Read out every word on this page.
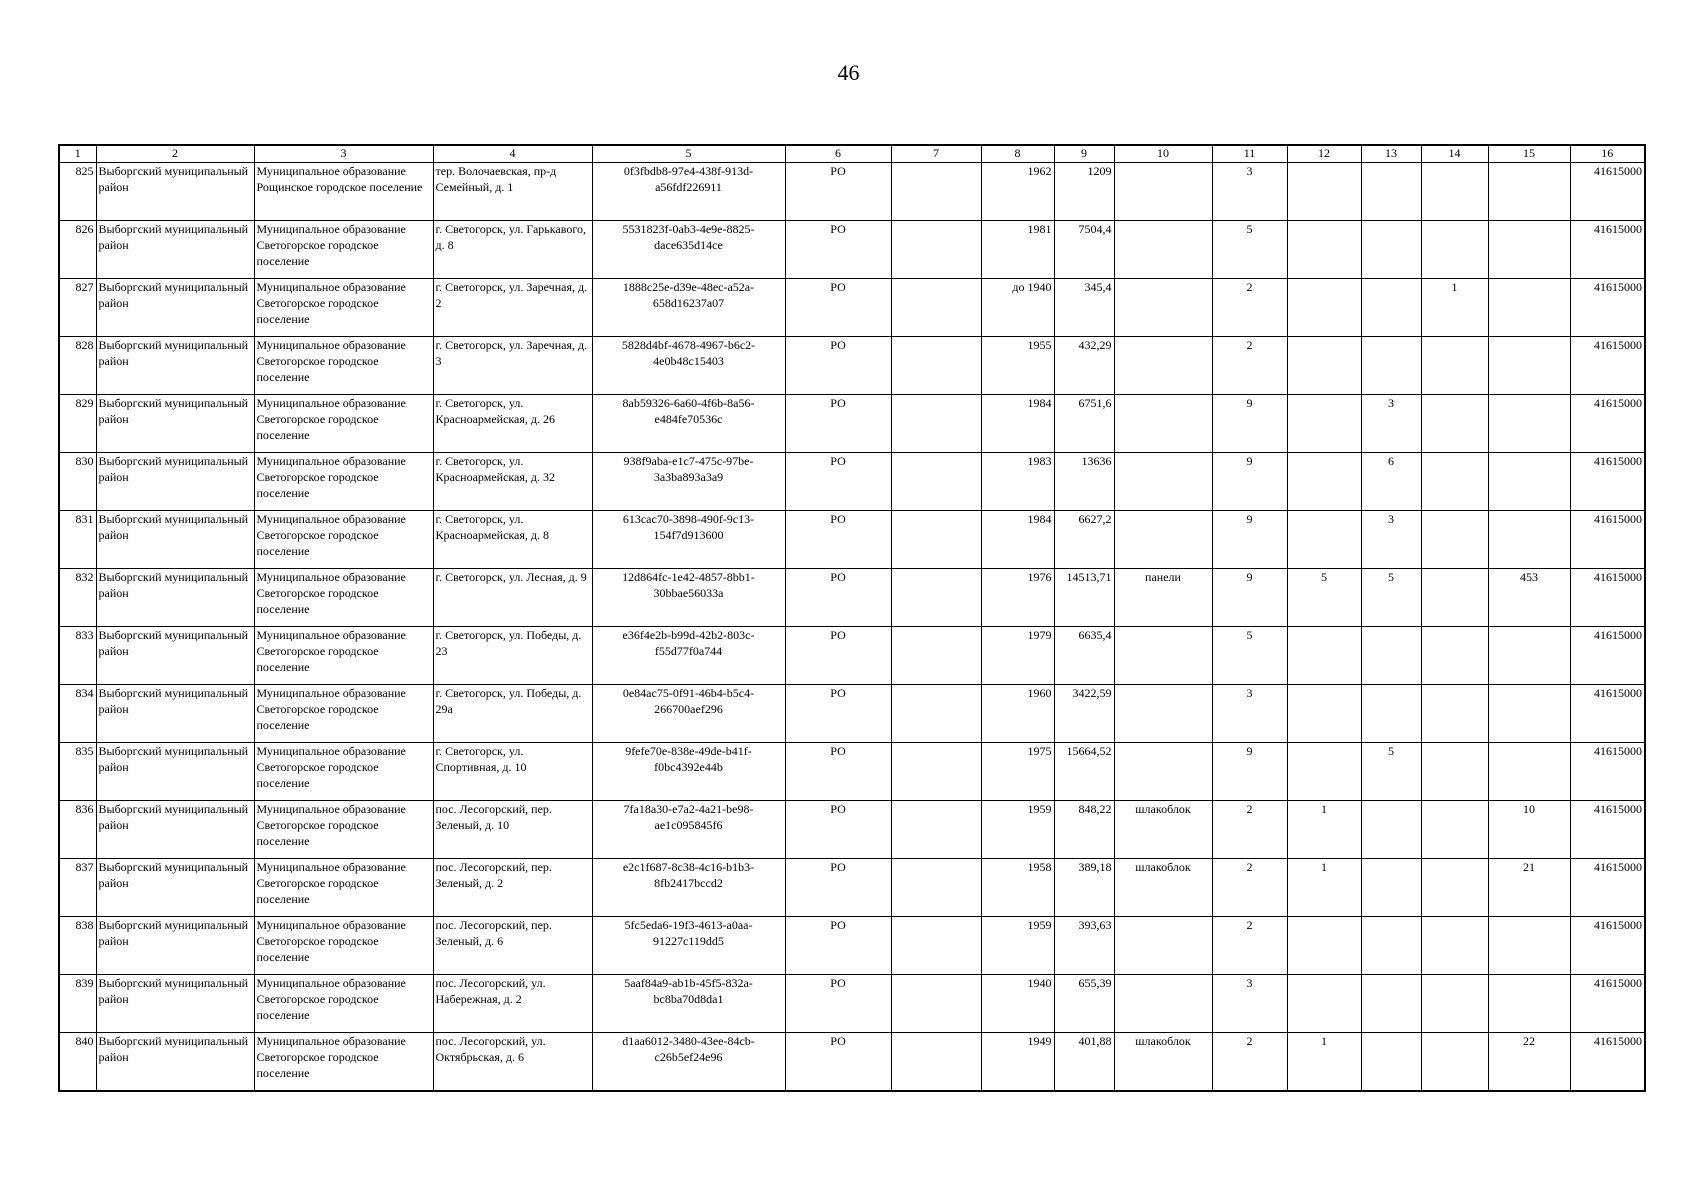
46
1	2	3	4	5	6	7	8	9	10	11	12	13	14	15	16
825	Выборгский муниципальный район	Муниципальное образование Рощинское городское поселение	тер. Волочаевская, пр-д Семейный, д. 1	0f3fbdb8-97e4-438f-913d-a56fdf226911	РО		1962	1209		3					41615000
826	Выборгский муниципальный район	Муниципальное образование Светогорское городское поселение	г. Светогорск, ул. Гарькавого, д. 8	5531823f-0ab3-4e9e-8825-dace635d14ce	РО		1981	7504,4		5					41615000
827	Выборгский муниципальный район	Муниципальное образование Светогорское городское поселение	г. Светогорск, ул. Заречная, д. 2	1888c25e-d39e-48ec-a52a-658d16237a07	РО		до 1940	345,4		2			1		41615000
828	Выборгский муниципальный район	Муниципальное образование Светогорское городское поселение	г. Светогорск, ул. Заречная, д. 3	5828d4bf-4678-4967-b6c2-4e0b48c15403	РО		1955	432,29		2					41615000
829	Выборгский муниципальный район	Муниципальное образование Светогорское городское поселение	г. Светогорск, ул. Красноармейская, д. 26	8ab59326-6a60-4f6b-8a56-e484fe70536c	РО		1984	6751,6		9		3			41615000
830	Выборгский муниципальный район	Муниципальное образование Светогорское городское поселение	г. Светогорск, ул. Красноармейская, д. 32	938f9aba-e1c7-475c-97be-3a3ba893a3a9	РО		1983	13636		9		6			41615000
831	Выборгский муниципальный район	Муниципальное образование Светогорское городское поселение	г. Светогорск, ул. Красноармейская, д. 8	613cac70-3898-490f-9c13-154f7d913600	РО		1984	6627,2		9		3			41615000
832	Выборгский муниципальный район	Муниципальное образование Светогорское городское поселение	г. Светогорск, ул. Лесная, д. 9	12d864fc-1e42-4857-8bb1-30bbae56033a	РО		1976	14513,71	панели	9	5	5		453	41615000
833	Выборгский муниципальный район	Муниципальное образование Светогорское городское поселение	г. Светогорск, ул. Победы, д. 23	e36f4e2b-b99d-42b2-803c-f55d77f0a744	РО		1979	6635,4		5					41615000
834	Выборгский муниципальный район	Муниципальное образование Светогорское городское поселение	г. Светогорск, ул. Победы, д. 29а	0e84ac75-0f91-46b4-b5c4-266700aef296	РО		1960	3422,59		3					41615000
835	Выборгский муниципальный район	Муниципальное образование Светогорское городское поселение	г. Светогорск, ул. Спортивная, д. 10	9fefe70e-838e-49de-b41f-f0bc4392e44b	РО		1975	15664,52		9		5			41615000
836	Выборгский муниципальный район	Муниципальное образование Светогорское городское поселение	пос. Лесогорский, пер. Зеленый, д. 10	7fa18a30-e7a2-4a21-be98-ae1c095845f6	РО		1959	848,22	шлакоблок	2	1			10	41615000
837	Выборгский муниципальный район	Муниципальное образование Светогорское городское поселение	пос. Лесогорский, пер. Зеленый, д. 2	e2c1f687-8c38-4c16-b1b3-8fb2417bccd2	РО		1958	389,18	шлакоблок	2	1			21	41615000
838	Выборгский муниципальный район	Муниципальное образование Светогорское городское поселение	пос. Лесогорский, пер. Зеленый, д. 6	5fc5eda6-19f3-4613-a0aa-91227c119dd5	РО		1959	393,63		2					41615000
839	Выборгский муниципальный район	Муниципальное образование Светогорское городское поселение	пос. Лесогорский, ул. Набережная, д. 2	5aaf84a9-ab1b-45f5-832a-bc8ba70d8da1	РО		1940	655,39		3					41615000
840	Выборгский муниципальный район	Муниципальное образование Светогорское городское поселение	пос. Лесогорский, ул. Октябрьская, д. 6	d1aa6012-3480-43ee-84cb-c26b5ef24e96	РО		1949	401,88	шлакоблок	2	1			22	41615000
